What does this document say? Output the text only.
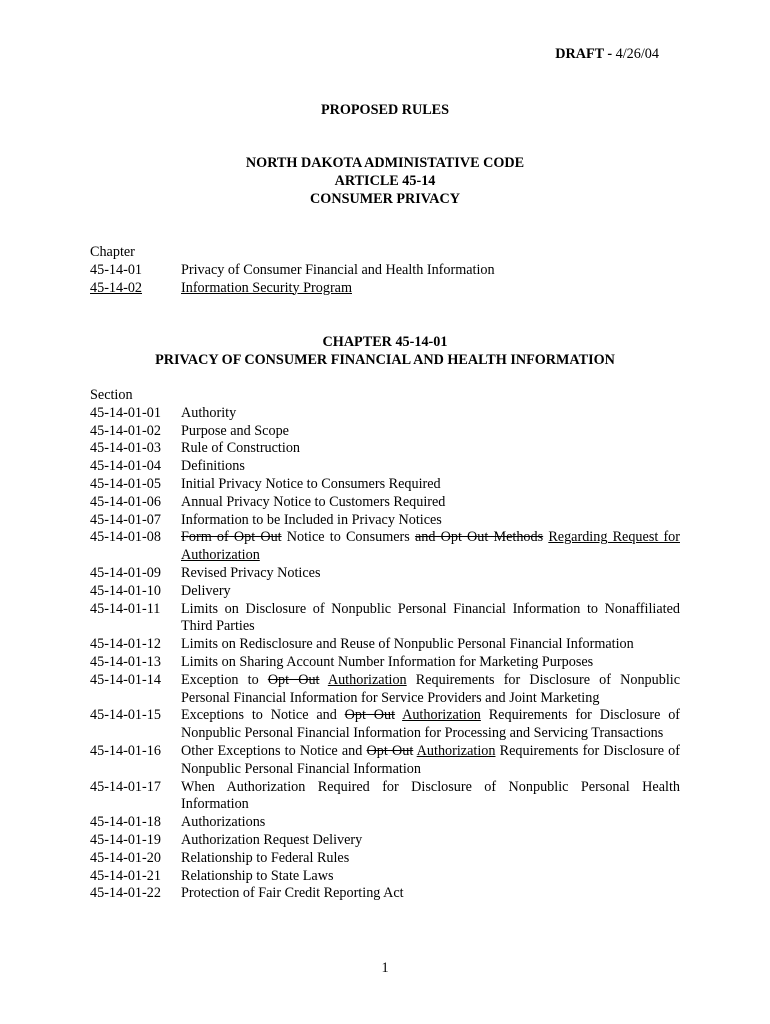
DRAFT - 4/26/04
PROPOSED RULES
NORTH DAKOTA ADMINISTATIVE CODE
ARTICLE 45-14
CONSUMER PRIVACY
Chapter
45-14-01	Privacy of Consumer Financial and Health Information
45-14-02	Information Security Program
CHAPTER 45-14-01
PRIVACY OF CONSUMER FINANCIAL AND HEALTH INFORMATION
Section
45-14-01-01	Authority
45-14-01-02	Purpose and Scope
45-14-01-03	Rule of Construction
45-14-01-04	Definitions
45-14-01-05	Initial Privacy Notice to Consumers Required
45-14-01-06	Annual Privacy Notice to Customers Required
45-14-01-07	Information to be Included in Privacy Notices
45-14-01-08	Form of Opt Out Notice to Consumers and Opt Out Methods Regarding Request for Authorization
45-14-01-09	Revised Privacy Notices
45-14-01-10	Delivery
45-14-01-11	Limits on Disclosure of Nonpublic Personal Financial Information to Nonaffiliated Third Parties
45-14-01-12	Limits on Redisclosure and Reuse of Nonpublic Personal Financial Information
45-14-01-13	Limits on Sharing Account Number Information for Marketing Purposes
45-14-01-14	Exception to Opt Out Authorization Requirements for Disclosure of Nonpublic Personal Financial Information for Service Providers and Joint Marketing
45-14-01-15	Exceptions to Notice and Opt Out Authorization Requirements for Disclosure of Nonpublic Personal Financial Information for Processing and Servicing Transactions
45-14-01-16	Other Exceptions to Notice and Opt Out Authorization Requirements for Disclosure of Nonpublic Personal Financial Information
45-14-01-17	When Authorization Required for Disclosure of Nonpublic Personal Health Information
45-14-01-18	Authorizations
45-14-01-19	Authorization Request Delivery
45-14-01-20	Relationship to Federal Rules
45-14-01-21	Relationship to State Laws
45-14-01-22	Protection of Fair Credit Reporting Act
1
